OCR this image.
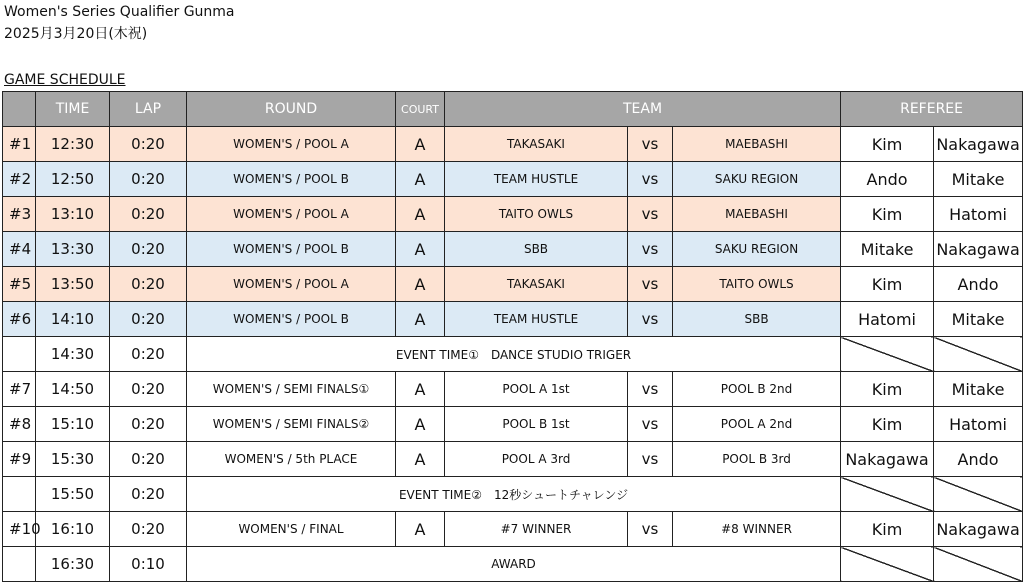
Women's Series Qualifier Gunma
2025月3月20日(木祝)
GAME SCHEDULE
	TIME	LAP	ROUND	COURT	TEAM			REFEREE	
#1	12:30	0:20	WOMEN'S / POOL A	A	TAKASAKI	vs	MAEBASHI	Kim	Nakagawa
#2	12:50	0:20	WOMEN'S / POOL B	A	TEAM HUSTLE	vs	SAKU REGION	Ando	Mitake
#3	13:10	0:20	WOMEN'S / POOL A	A	TAITO OWLS	vs	MAEBASHI	Kim	Hatomi
#4	13:30	0:20	WOMEN'S / POOL B	A	SBB	vs	SAKU REGION	Mitake	Nakagawa
#5	13:50	0:20	WOMEN'S / POOL A	A	TAKASAKI	vs	TAITO OWLS	Kim	Ando
#6	14:10	0:20	WOMEN'S / POOL B	A	TEAM HUSTLE	vs	SBB	Hatomi	Mitake
	14:30	0:20	EVENT TIME①　DANCE STUDIO TRIGER						
#7	14:50	0:20	WOMEN'S / SEMI FINALS①	A	POOL A 1st	vs	POOL B 2nd	Kim	Mitake
#8	15:10	0:20	WOMEN'S / SEMI FINALS②	A	POOL B 1st	vs	POOL A 2nd	Kim	Hatomi
#9	15:30	0:20	WOMEN'S / 5th PLACE	A	POOL A 3rd	vs	POOL B 3rd	Nakagawa	Ando
	15:50	0:20	EVENT TIME②　12秒シュートチャレンジ						
#10	16:10	0:20	WOMEN'S / FINAL	A	#7 WINNER	vs	#8 WINNER	Kim	Nakagawa
	16:30	0:10	AWARD						
